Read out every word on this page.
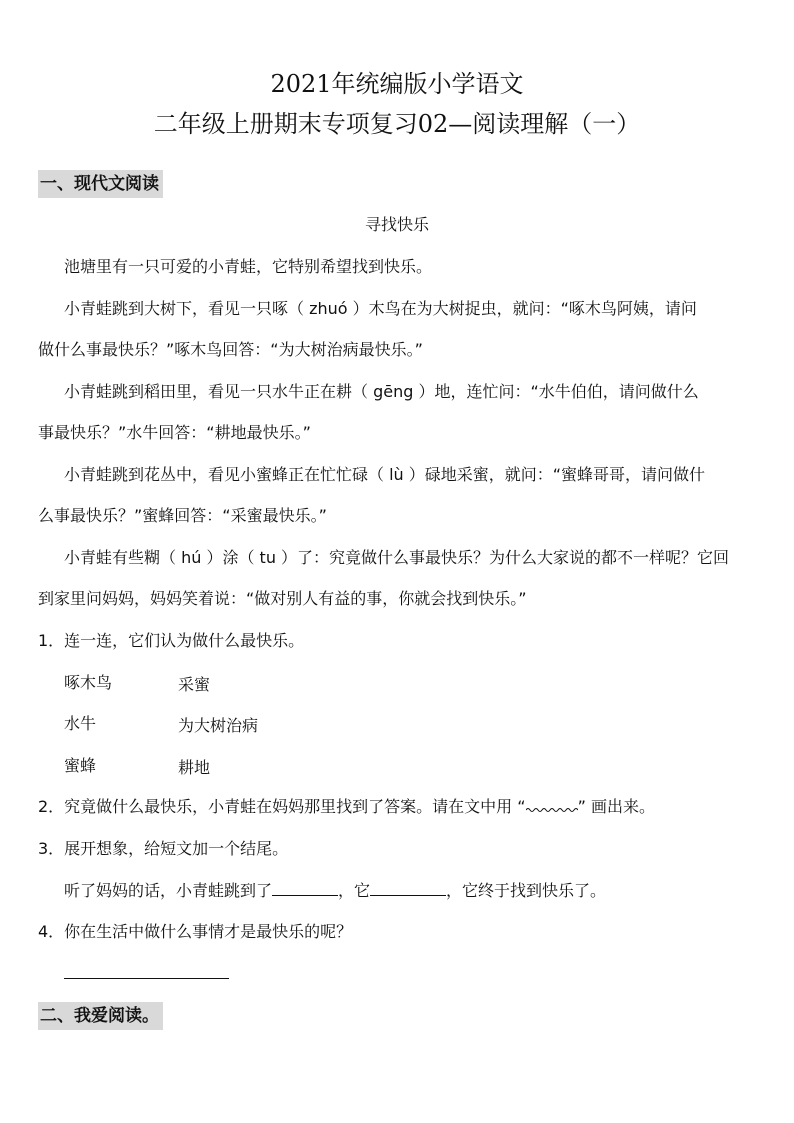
2021年统编版小学语文
二年级上册期末专项复习02—阅读理解（一）
一、现代文阅读
寻找快乐
池塘里有一只可爱的小青蛙，它特别希望找到快乐。
小青蛙跳到大树下，看见一只啄（ zhuó ）木鸟在为大树捉虫，就问：“啄木鸟阿姨，请问
做什么事最快乐？”啄木鸟回答：“为大树治病最快乐。”
小青蛙跳到稻田里，看见一只水牛正在耕（ gēng ）地，连忙问：“水牛伯伯，请问做什么
事最快乐？”水牛回答：“耕地最快乐。”
小青蛙跳到花丛中，看见小蜜蜂正在忙忙碌（ lù ）碌地采蜜，就问：“蜜蜂哥哥，请问做什
么事最快乐？”蜜蜂回答：“采蜜最快乐。”
小青蛙有些糊（ hú ）涂（ tu ）了：究竟做什么事最快乐？为什么大家说的都不一样呢？它回
到家里问妈妈，妈妈笑着说：“做对别人有益的事，你就会找到快乐。”
1．连一连，它们认为做什么最快乐。
啄木鸟	采蜜
水牛	为大树治病
蜜蜂	耕地
2．究竟做什么最快乐，小青蛙在妈妈那里找到了答案。请在文中用 “	” 画出来。
3．展开想象，给短文加一个结尾。
听了妈妈的话，小青蛙跳到了	，它	，它终于找到快乐了。
4．你在生活中做什么事情才是最快乐的呢？
二、我爱阅读。
